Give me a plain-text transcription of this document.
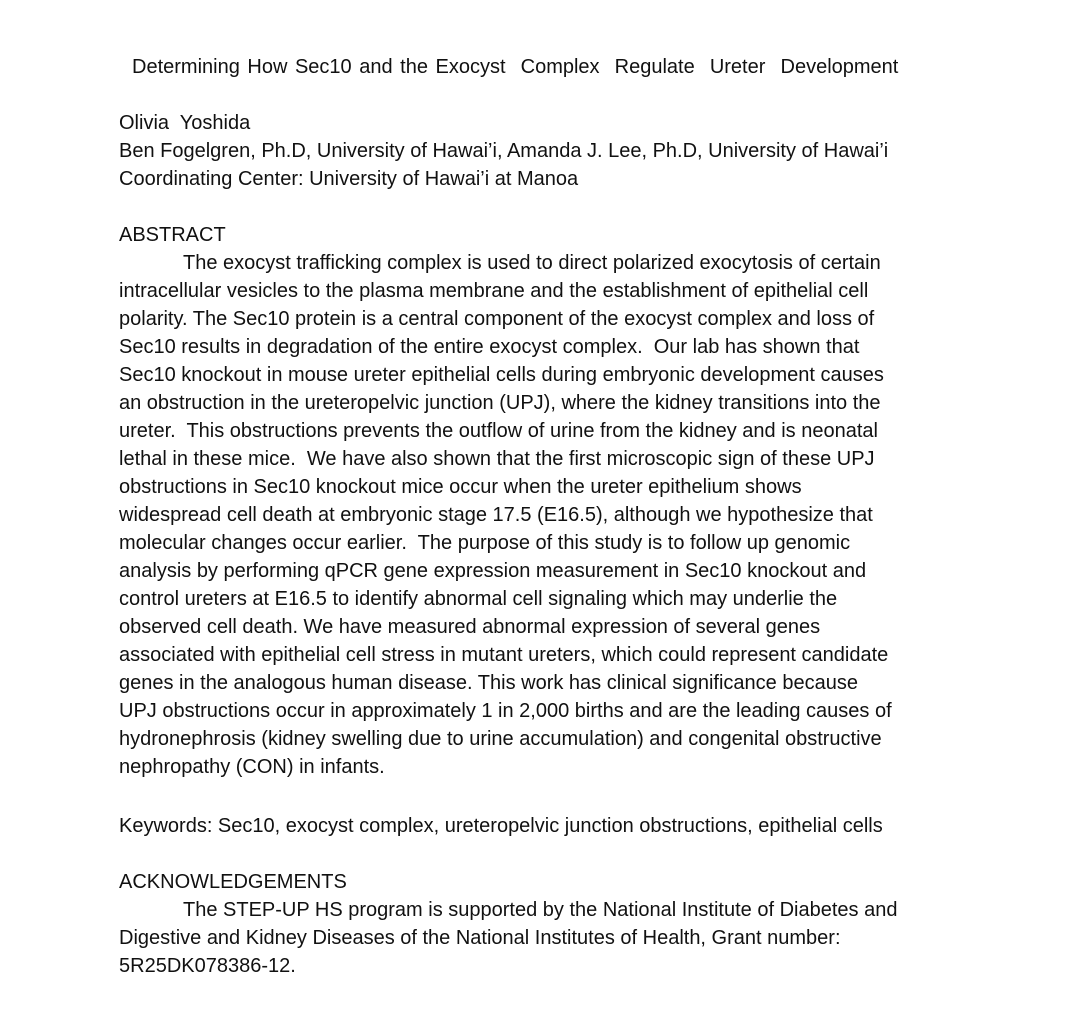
Determining How Sec10 and the Exocyst  Complex  Regulate  Ureter  Development
Olivia  Yoshida
Ben Fogelgren, Ph.D, University of Hawai’i, Amanda J. Lee, Ph.D, University of Hawai’i
Coordinating Center: University of Hawai’i at Manoa
ABSTRACT
The exocyst trafficking complex is used to direct polarized exocytosis of certain
intracellular vesicles to the plasma membrane and the establishment of epithelial cell
polarity. The Sec10 protein is a central component of the exocyst complex and loss of
Sec10 results in degradation of the entire exocyst complex.  Our lab has shown that
Sec10 knockout in mouse ureter epithelial cells during embryonic development causes
an obstruction in the ureteropelvic junction (UPJ), where the kidney transitions into the
ureter.  This obstructions prevents the outflow of urine from the kidney and is neonatal
lethal in these mice.  We have also shown that the first microscopic sign of these UPJ
obstructions in Sec10 knockout mice occur when the ureter epithelium shows
widespread cell death at embryonic stage 17.5 (E16.5), although we hypothesize that
molecular changes occur earlier.  The purpose of this study is to follow up genomic
analysis by performing qPCR gene expression measurement in Sec10 knockout and
control ureters at E16.5 to identify abnormal cell signaling which may underlie the
observed cell death. We have measured abnormal expression of several genes
associated with epithelial cell stress in mutant ureters, which could represent candidate
genes in the analogous human disease. This work has clinical significance because
UPJ obstructions occur in approximately 1 in 2,000 births and are the leading causes of
hydronephrosis (kidney swelling due to urine accumulation) and congenital obstructive
nephropathy (CON) in infants.
Keywords: Sec10, exocyst complex, ureteropelvic junction obstructions, epithelial cells
ACKNOWLEDGEMENTS
The STEP-UP HS program is supported by the National Institute of Diabetes and
Digestive and Kidney Diseases of the National Institutes of Health, Grant number:
5R25DK078386-12.
